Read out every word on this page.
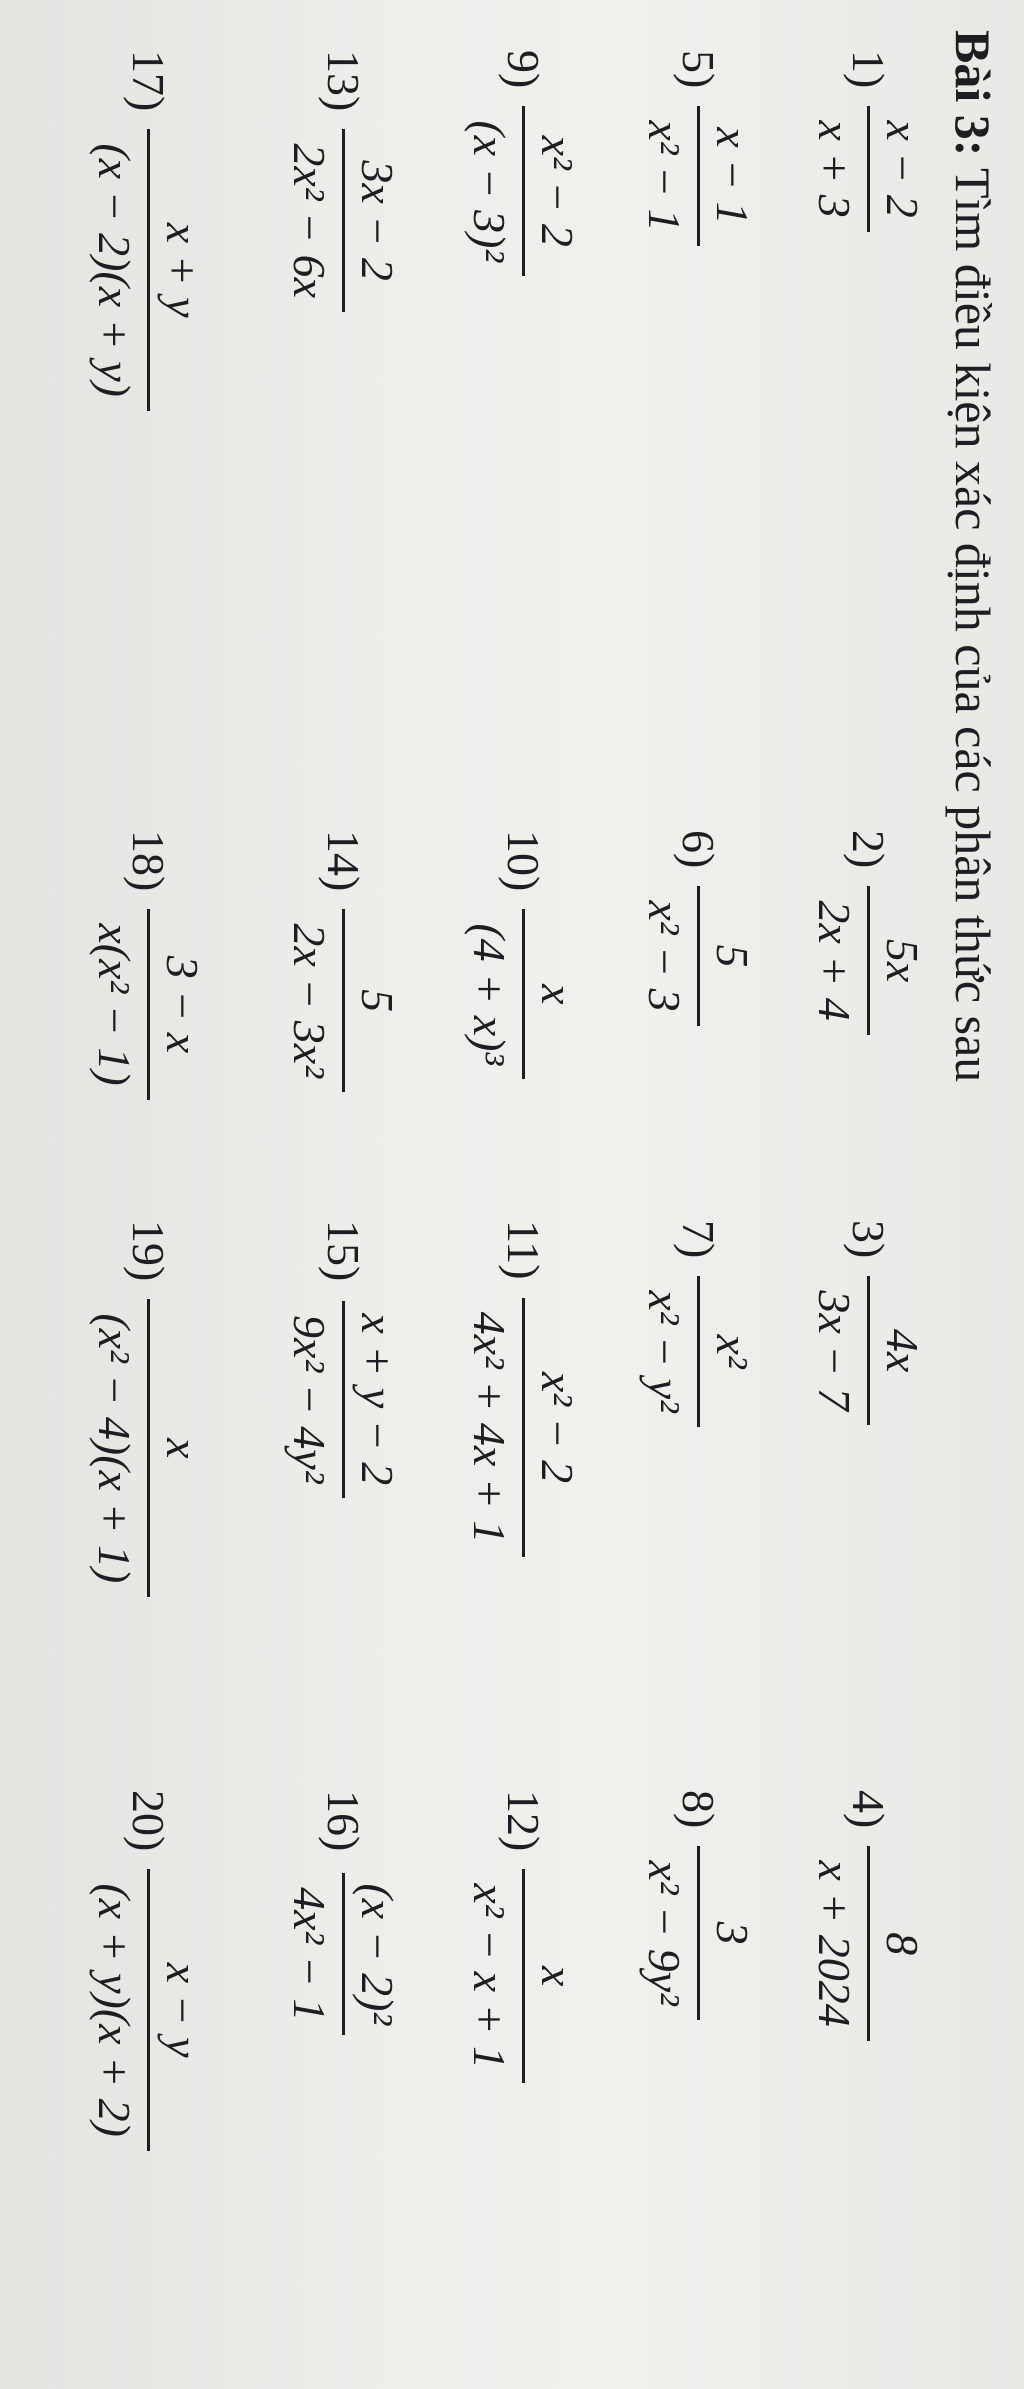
Bài 3: Tìm điều kiện xác định của các phân thức sau
1)
x − 2
x + 3
2)
5x
2x + 4
3)
4x
3x − 7
4)
8
x + 2024
5)
x − 1
x² − 1
6)
5
x² − 3
7)
x²
x² − y²
8)
3
x² − 9y²
9)
x² − 2
(x − 3)²
10)
x
(4 + x)³
11)
x² − 2
4x² + 4x + 1
12)
x
x² − x + 1
13)
3x − 2
2x² − 6x
14)
5
2x − 3x²
15)
x + y − 2
9x² − 4y²
16)
(x − 2)²
4x² − 1
17)
x + y
(x − 2)(x + y)
18)
3 − x
x(x² − 1)
19)
x
(x² − 4)(x + 1)
20)
x − y
(x + y)(x + 2)
